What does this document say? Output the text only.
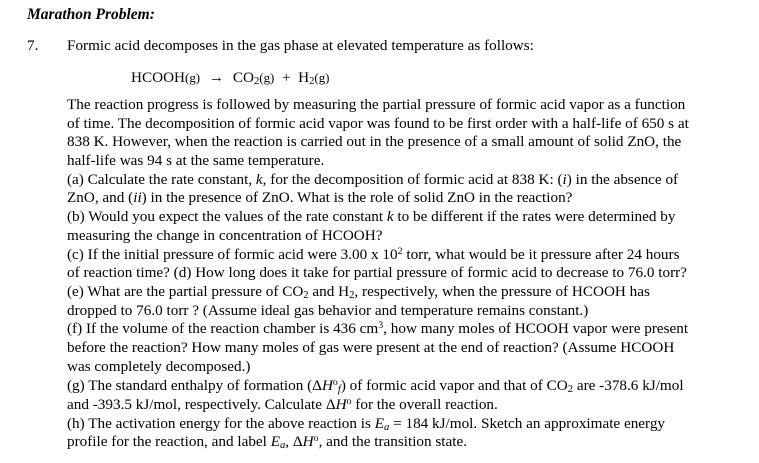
Marathon Problem:
7. Formic acid decomposes in the gas phase at elevated temperature as follows:
HCOOH(g) → $CO_2(g) + H_2(g)$
The reaction progress is followed by measuring the partial pressure of formic acid vapor as a function
of time. The decomposition of formic acid vapor was found to be first order with a half-life of 650 s at
838 K. However, when the reaction is carried out in the presence of a small amount of solid ZnO, the
half-life was 94 s at the same temperature.
(a) Calculate the rate constant, k, for the decomposition of formic acid at 838 K: (i) in the absence of
ZnO, and (ii) in the presence of ZnO. What is the role of solid ZnO in the reaction?
(b) Would you expect the values of the rate constant k to be different if the rates were determined by
measuring the change in concentration of HCOOH?
(c) If the initial pressure of formic acid were 3.00 x $10^2$ torr, what would be it pressure after 24 hours
of reaction time? (d) How long does it take for partial pressure of formic acid to decrease to 76.0 torr?
(e) What are the partial pressure of $CO_2$ and $H_2$, respectively, when the pressure of HCOOH has
dropped to 76.0 torr ? (Assume ideal gas behavior and temperature remains constant.)
(f) If the volume of the reaction chamber is 436 $cm^3$, how many moles of HCOOH vapor were present
before the reaction? How many moles of gas were present at the end of reaction? (Assume HCOOH
was completely decomposed.)
(g) The standard enthalpy of formation $(\Delta H^o_f)$ of formic acid vapor and that of $CO_2$ are -378.6 kJ/mol
and -393.5 kJ/mol, respectively. Calculate $\Delta H^o$ for the overall reaction.
(h) The activation energy for the above reaction is $E_a = 184$ kJ/mol. Sketch an approximate energy
profile for the reaction, and label $E_a$, $\Delta H^o$, and the transition state.
